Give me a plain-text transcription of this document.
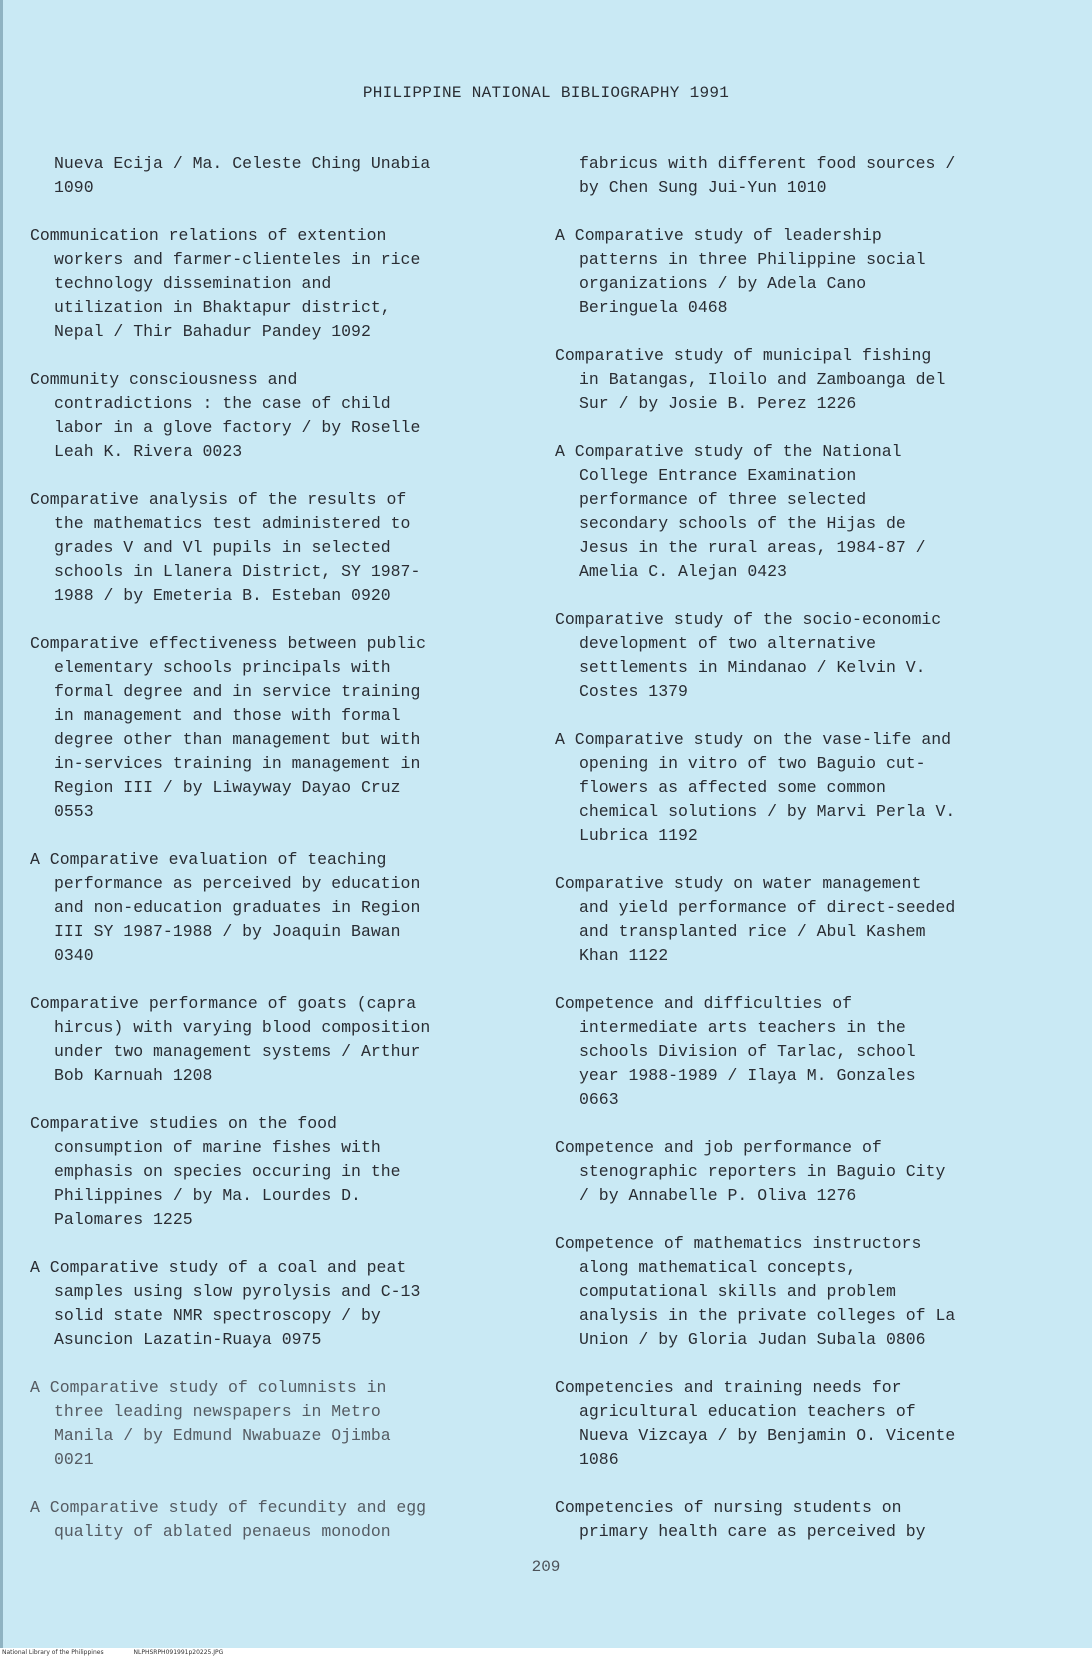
PHILIPPINE NATIONAL BIBLIOGRAPHY 1991
Nueva Ecija / Ma. Celeste Ching Unabia
1090
Communication relations of extention
workers and farmer-clienteles in rice
technology dissemination and
utilization in Bhaktapur district,
Nepal / Thir Bahadur Pandey 1092
Community consciousness and
contradictions : the case of child
labor in a glove factory / by Roselle
Leah K. Rivera 0023
Comparative analysis of the results of
the mathematics test administered to
grades V and Vl pupils in selected
schools in Llanera District, SY 1987-
1988 / by Emeteria B. Esteban 0920
Comparative effectiveness between public
elementary schools principals with
formal degree and in service training
in management and those with formal
degree other than management but with
in-services training in management in
Region III / by Liwayway Dayao Cruz
0553
A Comparative evaluation of teaching
performance as perceived by education
and non-education graduates in Region
III SY 1987-1988 / by Joaquin Bawan
0340
Comparative performance of goats (capra
hircus) with varying blood composition
under two management systems / Arthur
Bob Karnuah 1208
Comparative studies on the food
consumption of marine fishes with
emphasis on species occuring in the
Philippines / by Ma. Lourdes D.
Palomares 1225
A Comparative study of a coal and peat
samples using slow pyrolysis and C-13
solid state NMR spectroscopy / by
Asuncion Lazatin-Ruaya 0975
A Comparative study of columnists in
three leading newspapers in Metro
Manila / by Edmund Nwabuaze Ojimba
0021
A Comparative study of fecundity and egg
quality of ablated penaeus monodon
fabricus with different food sources /
by Chen Sung Jui-Yun 1010
A Comparative study of leadership
patterns in three Philippine social
organizations / by Adela Cano
Beringuela 0468
Comparative study of municipal fishing
in Batangas, Iloilo and Zamboanga del
Sur / by Josie B. Perez 1226
A Comparative study of the National
College Entrance Examination
performance of three selected
secondary schools of the Hijas de
Jesus in the rural areas, 1984-87 /
Amelia C. Alejan 0423
Comparative study of the socio-economic
development of two alternative
settlements in Mindanao / Kelvin V.
Costes 1379
A Comparative study on the vase-life and
opening in vitro of two Baguio cut-
flowers as affected some common
chemical solutions / by Marvi Perla V.
Lubrica 1192
Comparative study on water management
and yield performance of direct-seeded
and transplanted rice / Abul Kashem
Khan 1122
Competence and difficulties of
intermediate arts teachers in the
schools Division of Tarlac, school
year 1988-1989 / Ilaya M. Gonzales
0663
Competence and job performance of
stenographic reporters in Baguio City
/ by Annabelle P. Oliva 1276
Competence of mathematics instructors
along mathematical concepts,
computational skills and problem
analysis in the private colleges of La
Union / by Gloria Judan Subala 0806
Competencies and training needs for
agricultural education teachers of
Nueva Vizcaya / by Benjamin O. Vicente
1086
Competencies of nursing students on
primary health care as perceived by
209
National Library of the Philippines	NLPHSRPH091991p20225.JPG
